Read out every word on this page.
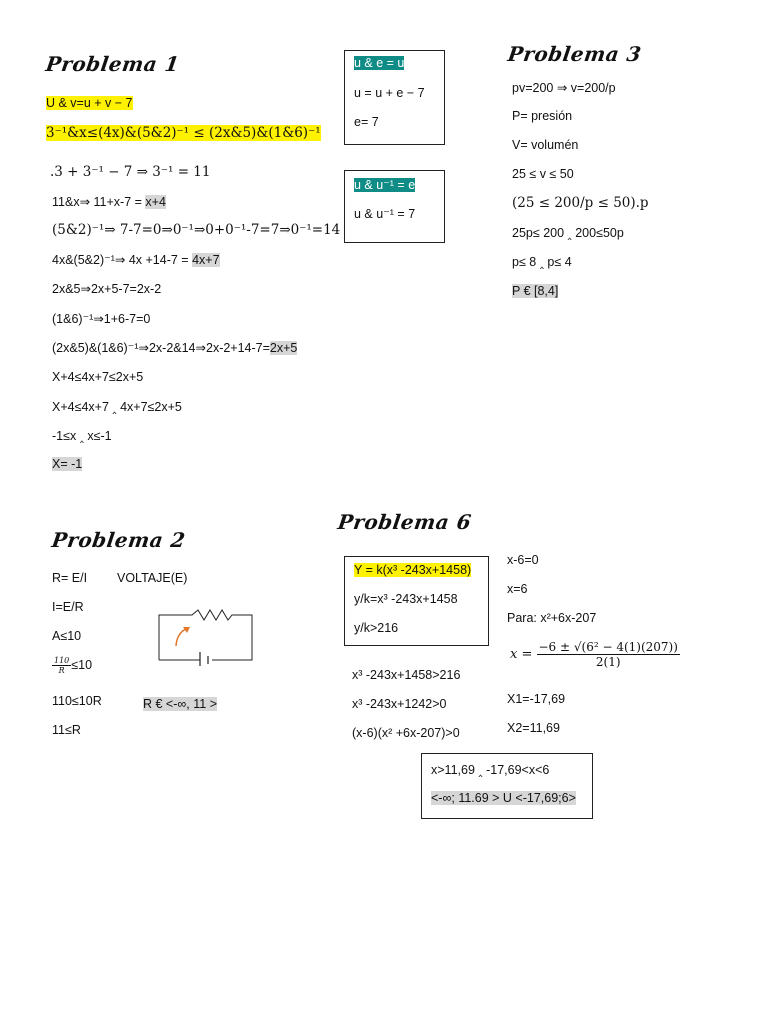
Problema 1
U & v=u + v − 7
3⁻¹&x≤(4x)&(5&2)⁻¹ ≤ (2x&5)&(1&6)⁻¹
.3 + 3⁻¹ − 7 ⇒ 3⁻¹ = 11
11&x⇒ 11+x-7 = x+4
(5&2)⁻¹⇒ 7-7=0⇒0⁻¹⇒0+0⁻¹-7=7⇒0⁻¹=14
4x&(5&2)⁻¹⇒ 4x +14-7 = 4x+7
2x&5⇒2x+5-7=2x-2
(1&6)⁻¹⇒1+6-7=0
(2x&5)&(1&6)⁻¹⇒2x-2&14⇒2x-2+14-7=2x+5
X+4≤4x+7≤2x+5
X+4≤4x+7 ‸ 4x+7≤2x+5
-1≤x ‸ x≤-1
X= -1
u & e = u
u = u + e − 7
e= 7
u & u⁻¹ = e
u & u⁻¹ = 7
Problema 3
pv=200 ⇒ v=200/p
P= presión
V= volumén
25 ≤ v ≤ 50
(25 ≤ 200/p ≤ 50).p
25p≤ 200 ‸ 200≤50p
p≤ 8 ‸ p≤ 4
P € [8,4]
Problema 2
R= E/I VOLTAJE(E)
I=E/R
A≤10
$\frac{110}{R} \le 10$
110≤10R
11≤R
R € <-∞, 11 >
Problema 6
Y = k(x³ -243x+1458)
y/k=x³ -243x+1458
y/k>216
x³ -243x+1458>216
x³ -243x+1242>0
(x-6)(x² +6x-207)>0
x-6=0
x=6
Para: x²+6x-207
$x = \frac{\text{−6 ± √(6² − 4(1)(207))}}{2(1)}$
X1=-17,69
X2=11,69
x>11,69 ‸ -17,69<x<6
<-∞; 11.69 > U <-17,69;6>
